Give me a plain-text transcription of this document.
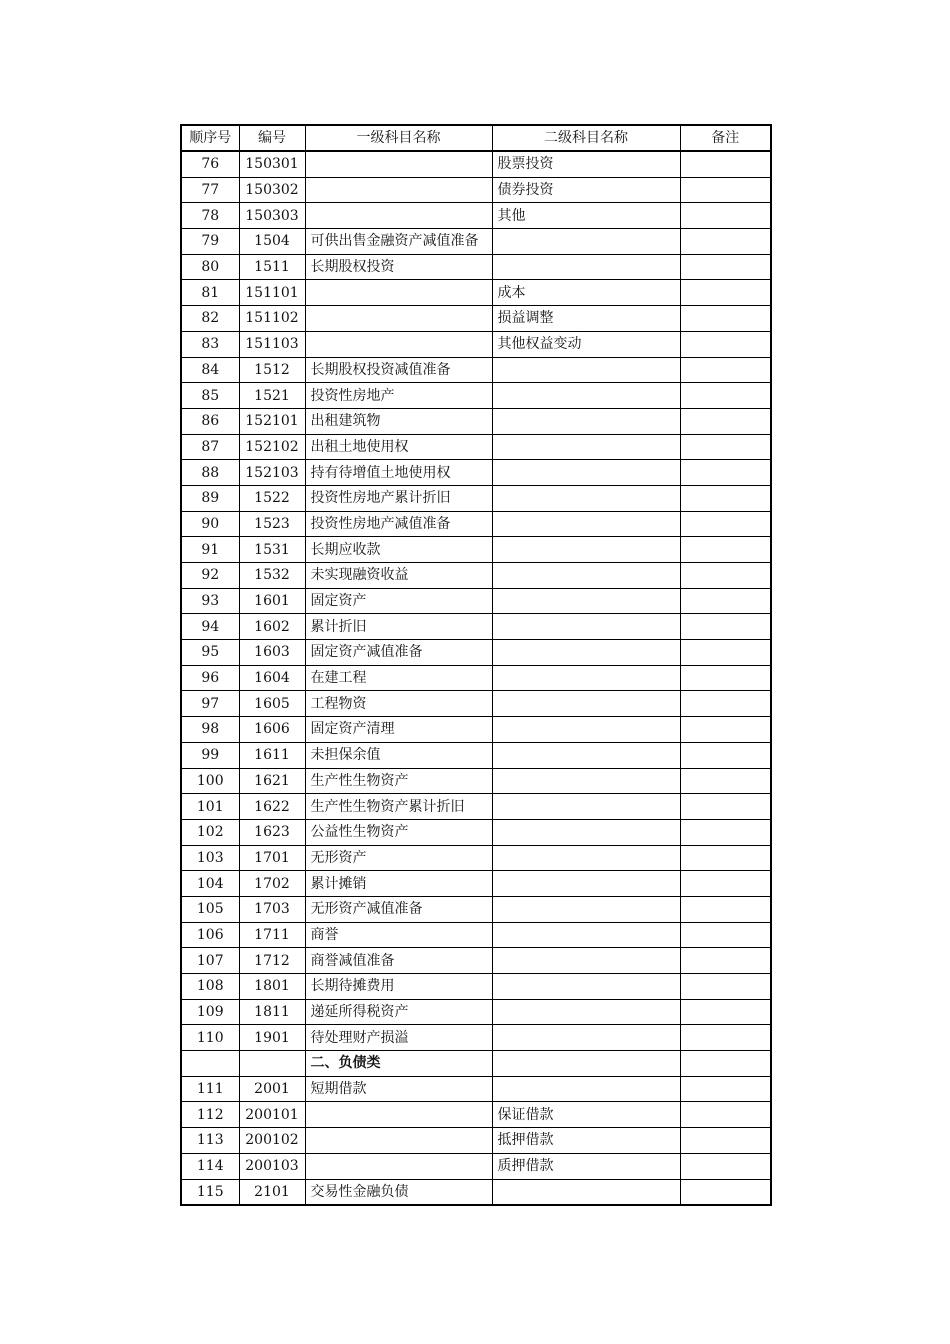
顺序号	编号	一级科目名称	二级科目名称	备注
76	150301		股票投资	
77	150302		债券投资	
78	150303		其他	
79	1504	可供出售金融资产减值准备		
80	1511	长期股权投资		
81	151101		成本	
82	151102		损益调整	
83	151103		其他权益变动	
84	1512	长期股权投资减值准备		
85	1521	投资性房地产		
86	152101	出租建筑物		
87	152102	出租土地使用权		
88	152103	持有待增值土地使用权		
89	1522	投资性房地产累计折旧		
90	1523	投资性房地产减值准备		
91	1531	长期应收款		
92	1532	未实现融资收益		
93	1601	固定资产		
94	1602	累计折旧		
95	1603	固定资产减值准备		
96	1604	在建工程		
97	1605	工程物资		
98	1606	固定资产清理		
99	1611	未担保余值		
100	1621	生产性生物资产		
101	1622	生产性生物资产累计折旧		
102	1623	公益性生物资产		
103	1701	无形资产		
104	1702	累计摊销		
105	1703	无形资产减值准备		
106	1711	商誉		
107	1712	商誉减值准备		
108	1801	长期待摊费用		
109	1811	递延所得税资产		
110	1901	待处理财产损溢		
		二、负债类		
111	2001	短期借款		
112	200101		保证借款	
113	200102		抵押借款	
114	200103		质押借款	
115	2101	交易性金融负债		
